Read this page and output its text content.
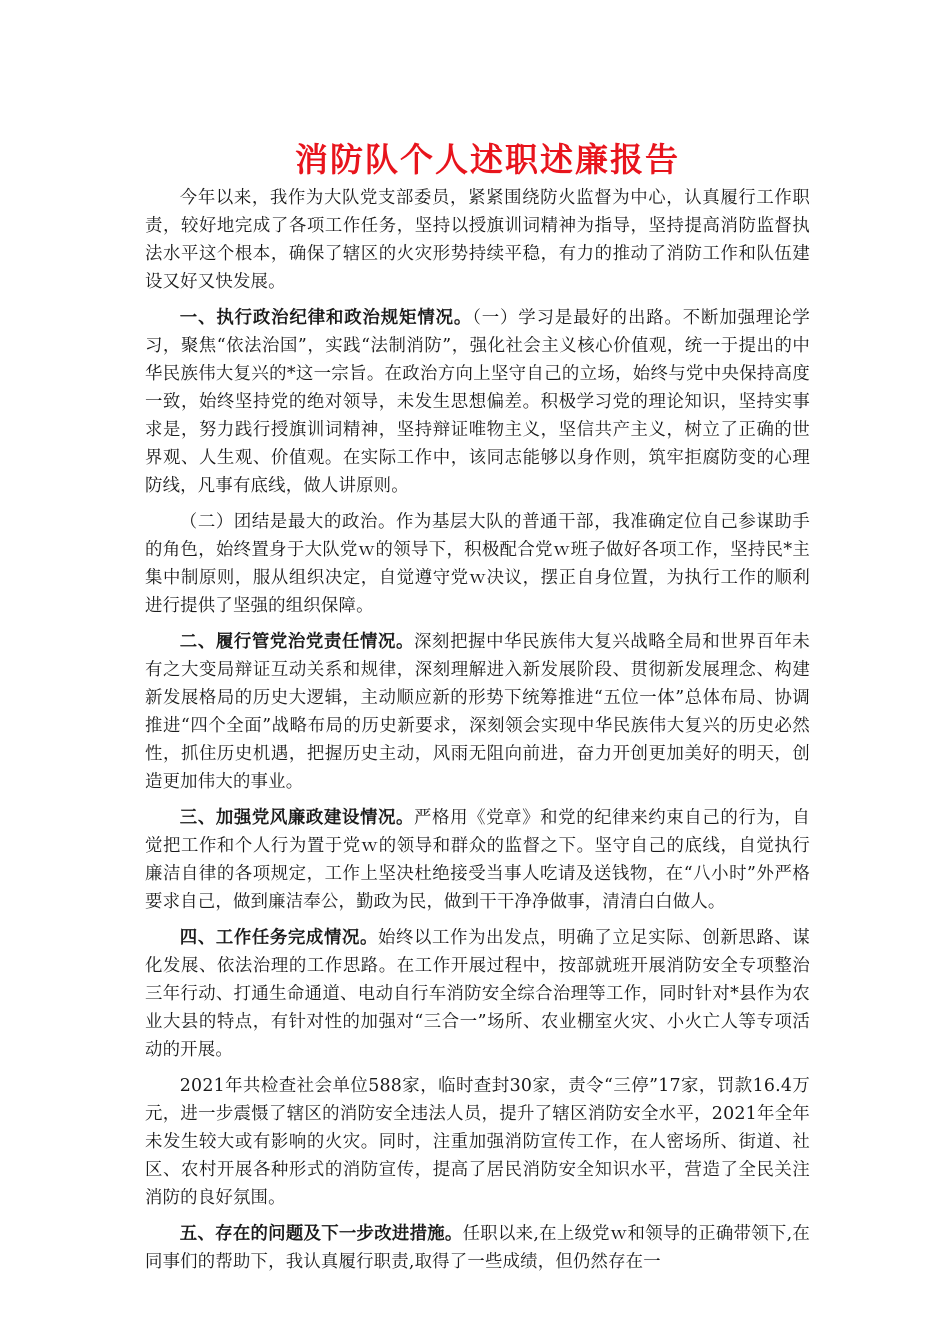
消防队个人述职述廉报告

今年以来，我作为大队党支部委员，紧紧围绕防火监督为中心，认真履行工作职责，较好地完成了各项工作任务，坚持以授旗训词精神为指导，坚持提高消防监督执法水平这个根本，确保了辖区的火灾形势持续平稳，有力的推动了消防工作和队伍建设又好又快发展。

一、执行政治纪律和政治规矩情况。（一）学习是最好的出路。不断加强理论学习，聚焦“依法治国”，实践“法制消防”，强化社会主义核心价值观，统一于提出的中华民族伟大复兴的*这一宗旨。在政治方向上坚守自己的立场，始终与党中央保持高度一致，始终坚持党的绝对领导，未发生思想偏差。积极学习党的理论知识，坚持实事求是，努力践行授旗训词精神，坚持辩证唯物主义，坚信共产主义，树立了正确的世界观、人生观、价值观。在实际工作中，该同志能够以身作则，筑牢拒腐防变的心理防线，凡事有底线，做人讲原则。

（二）团结是最大的政治。作为基层大队的普通干部，我准确定位自己参谋助手的角色，始终置身于大队党ｗ的领导下，积极配合党ｗ班子做好各项工作，坚持民*主集中制原则，服从组织决定，自觉遵守党ｗ决议，摆正自身位置，为执行工作的顺利进行提供了坚强的组织保障。

二、履行管党治党责任情况。深刻把握中华民族伟大复兴战略全局和世界百年未有之大变局辩证互动关系和规律，深刻理解进入新发展阶段、贯彻新发展理念、构建新发展格局的历史大逻辑，主动顺应新的形势下统筹推进“五位一体”总体布局、协调推进“四个全面”战略布局的历史新要求，深刻领会实现中华民族伟大复兴的历史必然性，抓住历史机遇，把握历史主动，风雨无阻向前进，奋力开创更加美好的明天，创造更加伟大的事业。

三、加强党风廉政建设情况。严格用《党章》和党的纪律来约束自己的行为，自觉把工作和个人行为置于党ｗ的领导和群众的监督之下。坚守自己的底线，自觉执行廉洁自律的各项规定，工作上坚决杜绝接受当事人吃请及送钱物，在“八小时”外严格要求自己，做到廉洁奉公，勤政为民，做到干干净净做事，清清白白做人。

四、工作任务完成情况。始终以工作为出发点，明确了立足实际、创新思路、谋化发展、依法治理的工作思路。在工作开展过程中，按部就班开展消防安全专项整治三年行动、打通生命通道、电动自行车消防安全综合治理等工作，同时针对*县作为农业大县的特点，有针对性的加强对“三合一”场所、农业棚室火灾、小火亡人等专项活动的开展。

2021年共检查社会单位588家，临时查封30家，责令“三停”17家，罚款16.4万元，进一步震慑了辖区的消防安全违法人员，提升了辖区消防安全水平，2021年全年未发生较大或有影响的火灾。同时，注重加强消防宣传工作，在人密场所、街道、社区、农村开展各种形式的消防宣传，提高了居民消防安全知识水平，营造了全民关注消防的良好氛围。

五、存在的问题及下一步改进措施。任职以来,在上级党ｗ和领导的正确带领下,在同事们的帮助下，我认真履行职责,取得了一些成绩，但仍然存在一
